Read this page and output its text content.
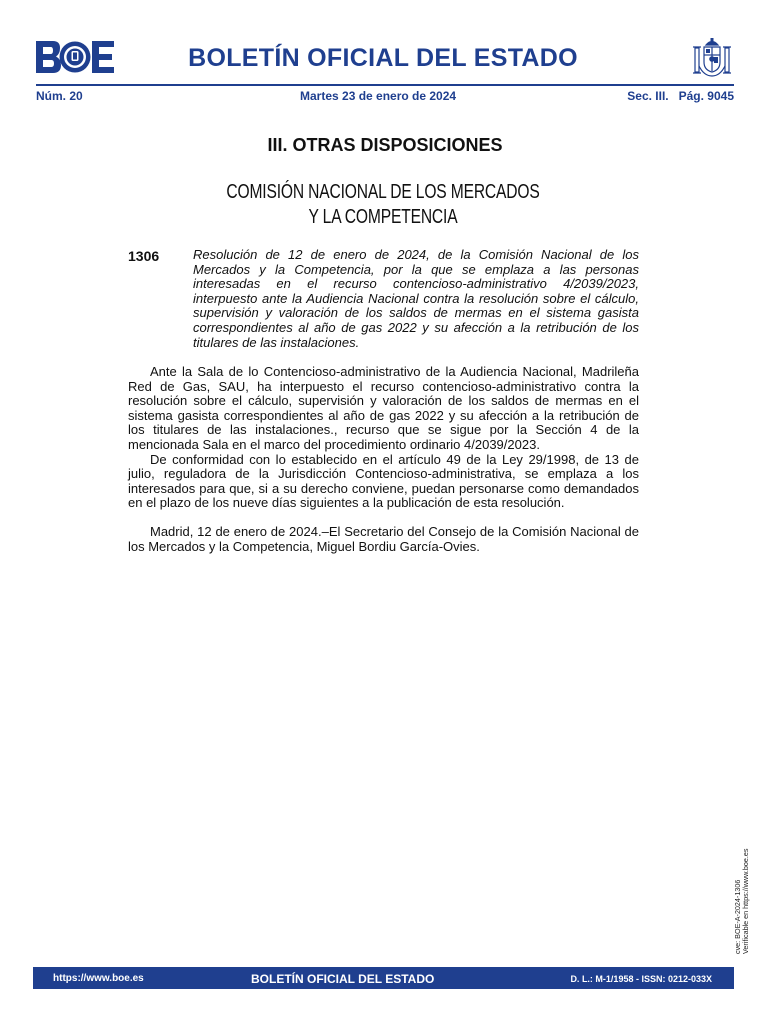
BOLETÍN OFICIAL DEL ESTADO
Núm. 20	Martes 23 de enero de 2024	Sec. III.   Pág. 9045
III. OTRAS DISPOSICIONES
COMISIÓN NACIONAL DE LOS MERCADOS
Y LA COMPETENCIA
1306	Resolución de 12 de enero de 2024, de la Comisión Nacional de los Mercados y la Competencia, por la que se emplaza a las personas interesadas en el recurso contencioso-administrativo 4/2039/2023, interpuesto ante la Audiencia Nacional contra la resolución sobre el cálculo, supervisión y valoración de los saldos de mermas en el sistema gasista correspondientes al año de gas 2022 y su afección a la retribución de los titulares de las instalaciones.

Ante la Sala de lo Contencioso-administrativo de la Audiencia Nacional, Madrileña Red de Gas, SAU, ha interpuesto el recurso contencioso-administrativo contra la resolución sobre el cálculo, supervisión y valoración de los saldos de mermas en el sistema gasista correspondientes al año de gas 2022 y su afección a la retribución de los titulares de las instalaciones., recurso que se sigue por la Sección 4 de la mencionada Sala en el marco del procedimiento ordinario 4/2039/2023.

De conformidad con lo establecido en el artículo 49 de la Ley 29/1998, de 13 de julio, reguladora de la Jurisdicción Contencioso-administrativa, se emplaza a los interesados para que, si a su derecho conviene, puedan personarse como demandados en el plazo de los nueve días siguientes a la publicación de esta resolución.

Madrid, 12 de enero de 2024.–El Secretario del Consejo de la Comisión Nacional de los Mercados y la Competencia, Miguel Bordiu García-Ovies.

cve: BOE-A-2024-1306 Verificable en https://www.boe.es
https://www.boe.es	BOLETÍN OFICIAL DEL ESTADO	D. L.: M-1/1958 - ISSN: 0212-033X
